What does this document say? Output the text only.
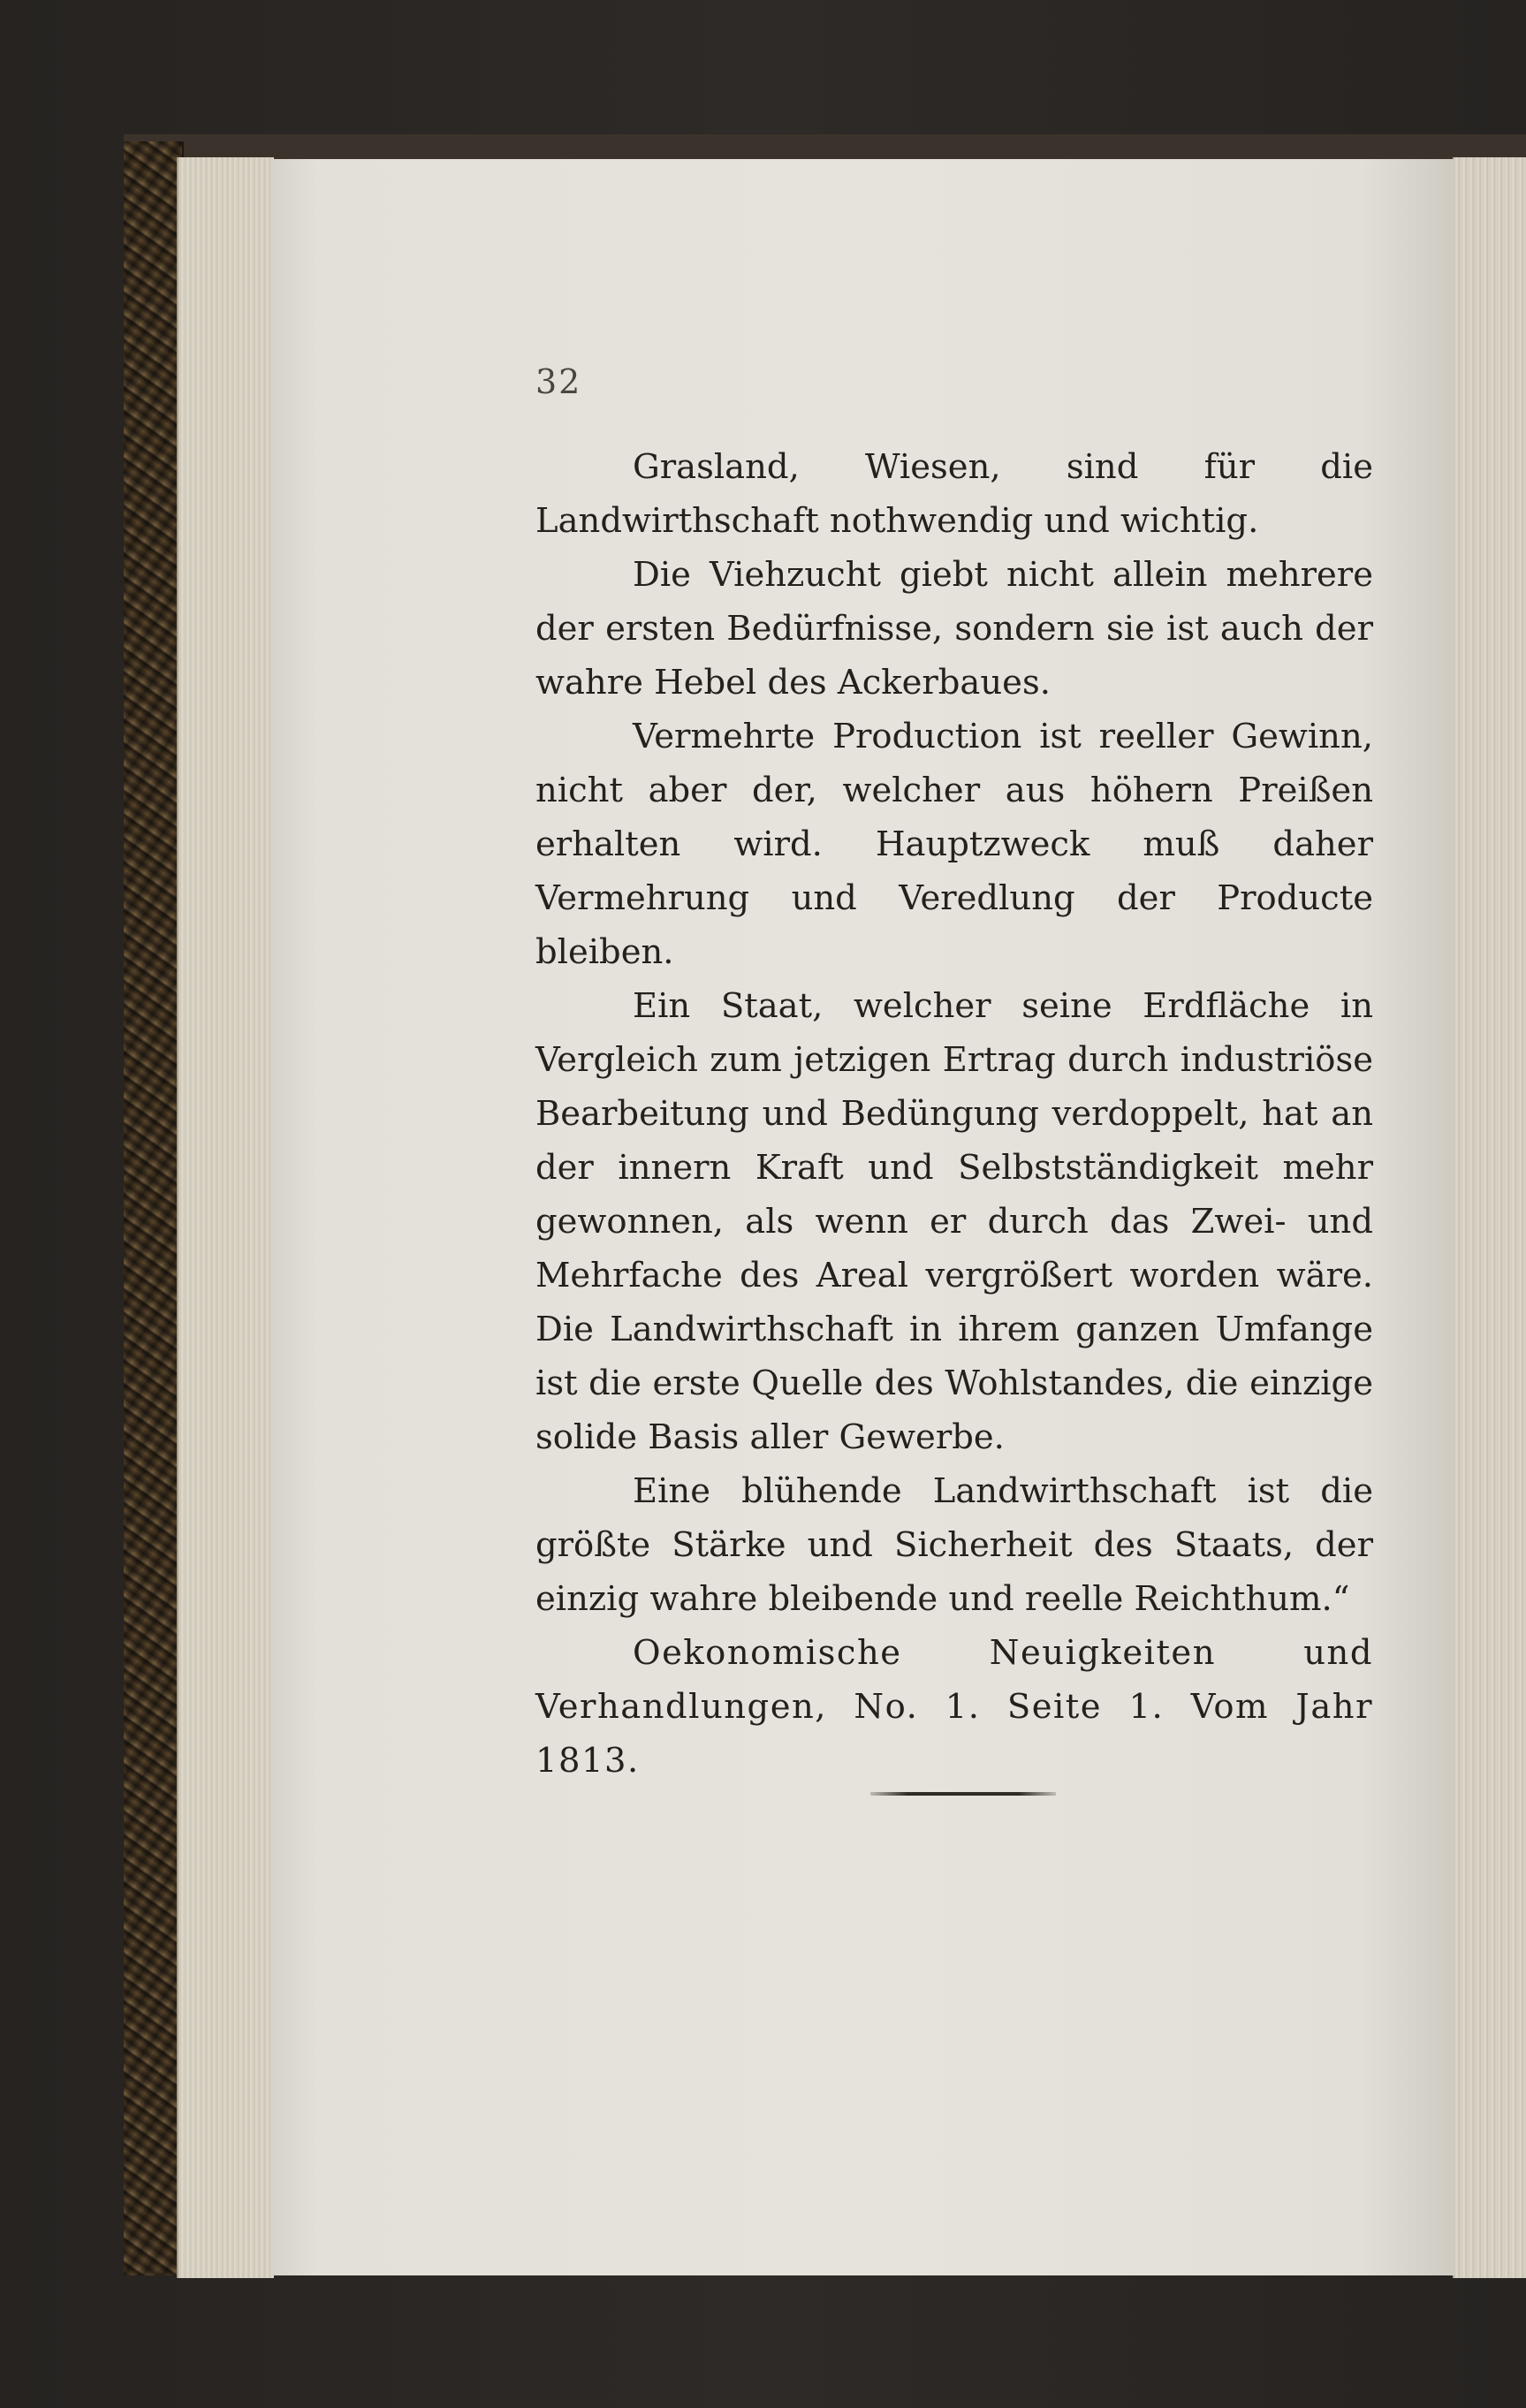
32

Grasland, Wiesen, sind für die Landwirthschaft nothwendig und wichtig.

Die Viehzucht giebt nicht allein mehrere der ersten Bedürfnisse, sondern sie ist auch der wahre Hebel des Ackerbaues.

Vermehrte Production ist reeller Gewinn, nicht aber der, welcher aus höhern Preißen erhalten wird. Hauptzweck muß daher Vermehrung und Veredlung der Producte bleiben.

Ein Staat, welcher seine Erdfläche in Vergleich zum jetzigen Ertrag durch industriöse Bearbeitung und Bedüngung verdoppelt, hat an der innern Kraft und Selbstständigkeit mehr gewonnen, als wenn er durch das Zwei- und Mehrfache des Areal vergrößert worden wäre. Die Landwirthschaft in ihrem ganzen Umfange ist die erste Quelle des Wohlstandes, die einzige solide Basis aller Gewerbe.

Eine blühende Landwirthschaft ist die größte Stärke und Sicherheit des Staats, der einzig wahre bleibende und reelle Reichthum.“

Oekonomische Neuigkeiten und Verhandlungen, No. 1. Seite 1. Vom Jahr 1813.
